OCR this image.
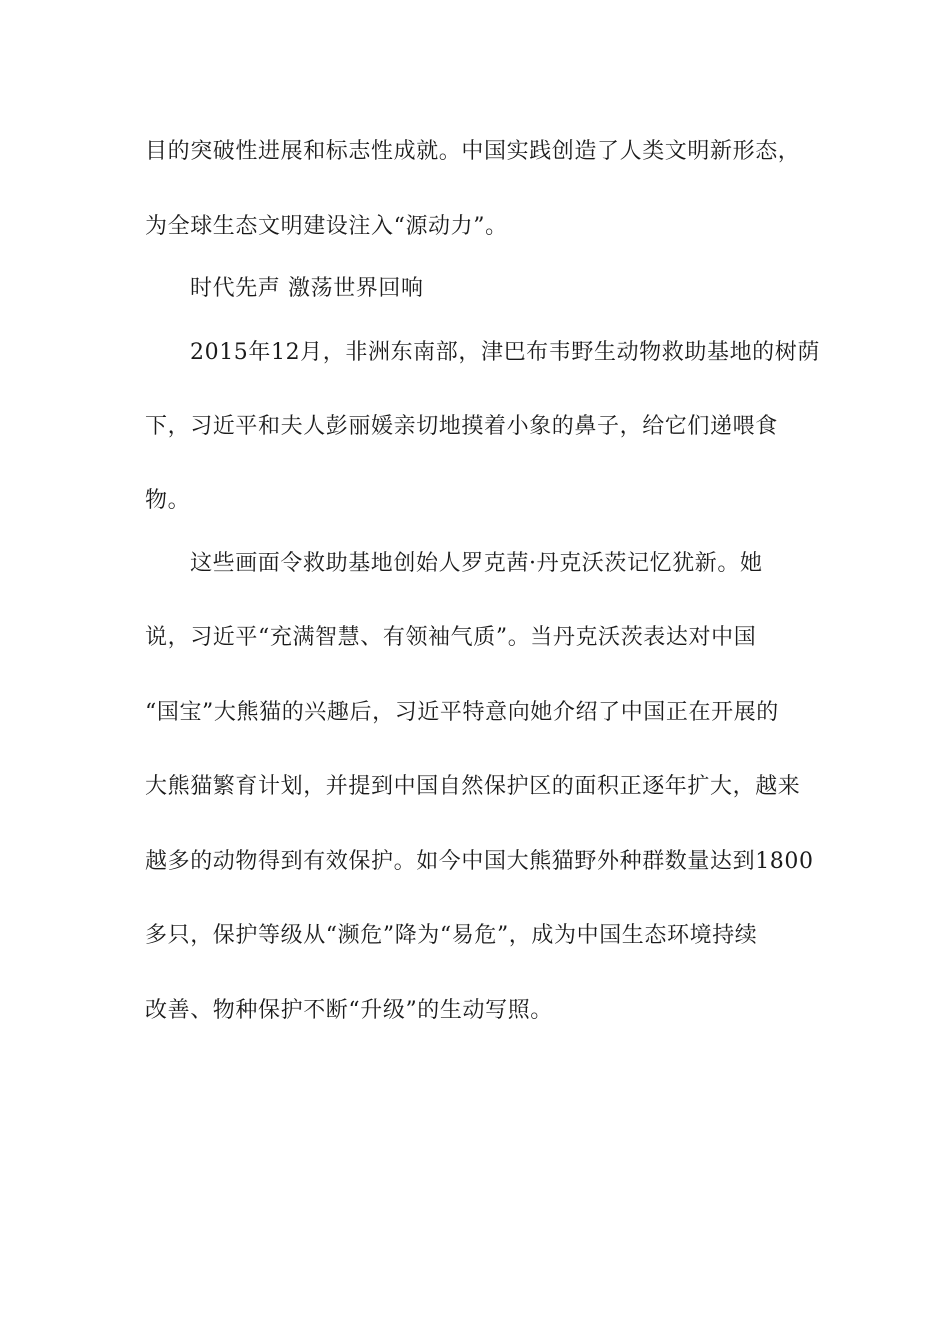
目的突破性进展和标志性成就。中国实践创造了人类文明新形态，
为全球生态文明建设注入“源动力”。
时代先声 激荡世界回响
2015年12月，非洲东南部，津巴布韦野生动物救助基地的树荫
下，习近平和夫人彭丽媛亲切地摸着小象的鼻子，给它们递喂食
物。
这些画面令救助基地创始人罗克茜·丹克沃茨记忆犹新。她
说，习近平“充满智慧、有领袖气质”。当丹克沃茨表达对中国
“国宝”大熊猫的兴趣后，习近平特意向她介绍了中国正在开展的
大熊猫繁育计划，并提到中国自然保护区的面积正逐年扩大，越来
越多的动物得到有效保护。如今中国大熊猫野外种群数量达到1800
多只，保护等级从“濒危”降为“易危”，成为中国生态环境持续
改善、物种保护不断“升级”的生动写照。
